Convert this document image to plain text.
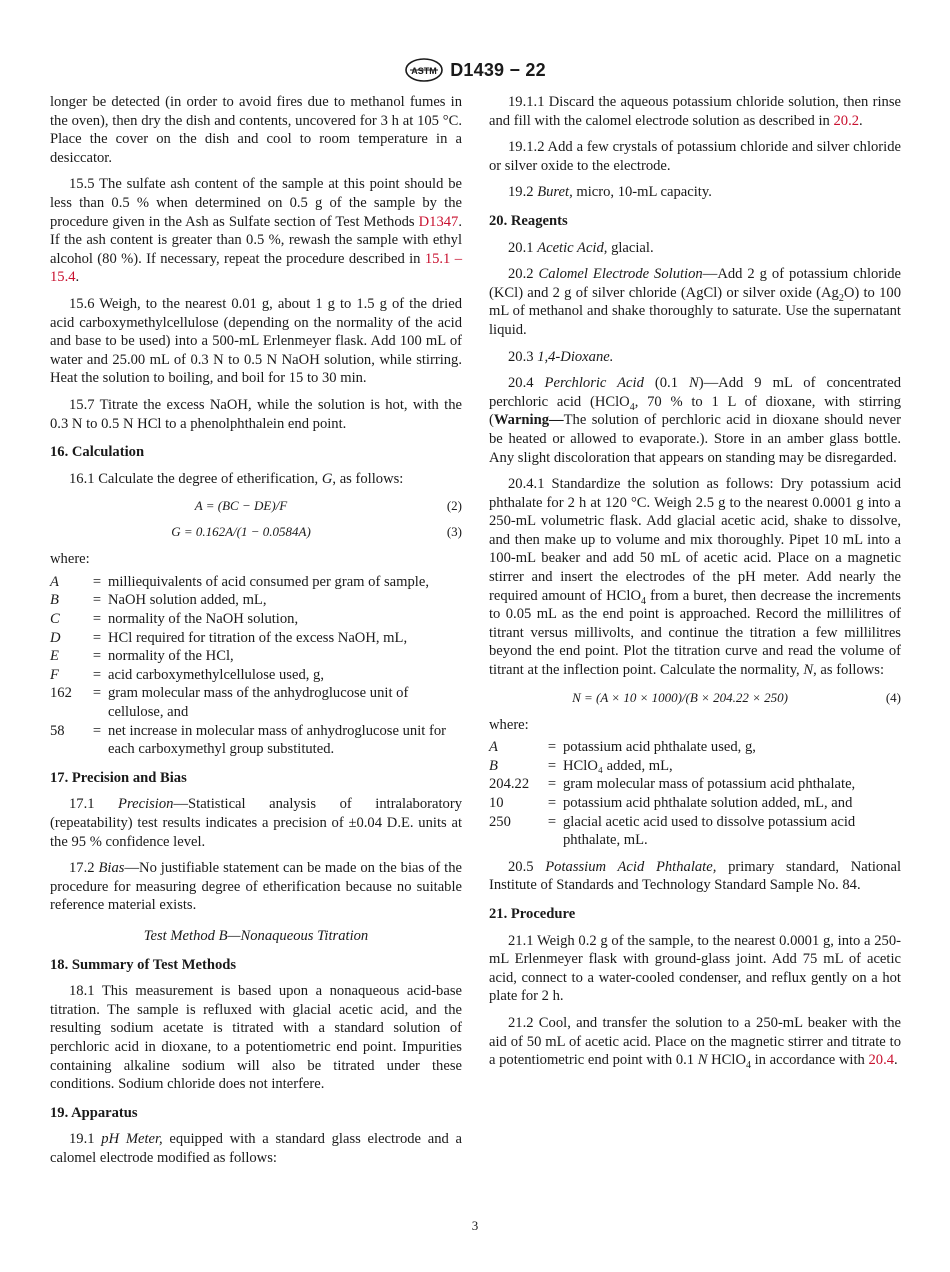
ASTM D1439 − 22

longer be detected (in order to avoid fires due to methanol fumes in the oven), then dry the dish and contents, uncovered for 3 h at 105 °C. Place the cover on the dish and cool to room temperature in a desiccator.

15.5 The sulfate ash content of the sample at this point should be less than 0.5 % when determined on 0.5 g of the sample by the procedure given in the Ash as Sulfate section of Test Methods D1347. If the ash content is greater than 0.5 %, rewash the sample with ethyl alcohol (80 %). If necessary, repeat the procedure described in 15.1 – 15.4.

15.6 Weigh, to the nearest 0.01 g, about 1 g to 1.5 g of the dried acid carboxymethylcellulose (depending on the normality of the acid and base to be used) into a 500-mL Erlenmeyer flask. Add 100 mL of water and 25.00 mL of 0.3 N to 0.5 N NaOH solution, while stirring. Heat the solution to boiling, and boil for 15 to 30 min.

15.7 Titrate the excess NaOH, while the solution is hot, with the 0.3 N to 0.5 N HCl to a phenolphthalein end point.

16. Calculation

16.1 Calculate the degree of etherification, G, as follows:

A = (BC − DE)/F	(2)
G = 0.162A/(1 − 0.0584A)	(3)
where:
A	=	milliequivalents of acid consumed per gram of sample,
B	=	NaOH solution added, mL,
C	=	normality of the NaOH solution,
D	=	HCl required for titration of the excess NaOH, mL,
E	=	normality of the HCl,
F	=	acid carboxymethylcellulose used, g,
162	=	gram molecular mass of the anhydroglucose unit of cellulose, and
58	=	net increase in molecular mass of anhydroglucose unit for each carboxymethyl group substituted.
17. Precision and Bias

17.1 Precision—Statistical analysis of intralaboratory (repeatability) test results indicates a precision of ±0.04 D.E. units at the 95 % confidence level.

17.2 Bias—No justifiable statement can be made on the bias of the procedure for measuring degree of etherification because no suitable reference material exists.

Test Method B—Nonaqueous Titration
18. Summary of Test Methods

18.1 This measurement is based upon a nonaqueous acid-base titration. The sample is refluxed with glacial acetic acid, and the resulting sodium acetate is titrated with a standard solution of perchloric acid in dioxane, to a potentiometric end point. Impurities containing alkaline sodium will also be titrated under these conditions. Sodium chloride does not interfere.

19. Apparatus

19.1 pH Meter, equipped with a standard glass electrode and a calomel electrode modified as follows:

19.1.1 Discard the aqueous potassium chloride solution, then rinse and fill with the calomel electrode solution as described in 20.2.

19.1.2 Add a few crystals of potassium chloride and silver chloride or silver oxide to the electrode.

19.2 Buret, micro, 10-mL capacity.

20. Reagents

20.1 Acetic Acid, glacial.

20.2 Calomel Electrode Solution—Add 2 g of potassium chloride (KCl) and 2 g of silver chloride (AgCl) or silver oxide $(Ag_2O)$ to 100 mL of methanol and shake thoroughly to saturate. Use the supernatant liquid.

20.3 1,4-Dioxane.

20.4 Perchloric Acid (0.1 N)—Add 9 mL of concentrated perchloric acid (HClO$_4$, 70 % to 1 L of dioxane, with stirring (Warning—The solution of perchloric acid in dioxane should never be heated or allowed to evaporate.). Store in an amber glass bottle. Any slight discoloration that appears on standing may be disregarded.

20.4.1 Standardize the solution as follows: Dry potassium acid phthalate for 2 h at 120 °C. Weigh 2.5 g to the nearest 0.0001 g into a 250-mL volumetric flask. Add glacial acetic acid, shake to dissolve, and then make up to volume and mix thoroughly. Pipet 10 mL into a 100-mL beaker and add 50 mL of acetic acid. Place on a magnetic stirrer and insert the electrodes of the pH meter. Add nearly the required amount of HClO$_4$ from a buret, then decrease the increments to 0.05 mL as the end point is approached. Record the millilitres of titrant versus millivolts, and continue the titration a few millilitres beyond the end point. Plot the titration curve and read the volume of titrant at the inflection point. Calculate the normality, N, as follows:

N = (A × 10 × 1000)/(B × 204.22 × 250)	(4)
where:
A	=	potassium acid phthalate used, g,
B	=	HClO₄ added, mL,
204.22	=	gram molecular mass of potassium acid phthalate,
10	=	potassium acid phthalate solution added, mL, and
250	=	glacial acetic acid used to dissolve potassium acid phthalate, mL.

20.5 Potassium Acid Phthalate, primary standard, National Institute of Standards and Technology Standard Sample No. 84.

21. Procedure

21.1 Weigh 0.2 g of the sample, to the nearest 0.0001 g, into a 250-mL Erlenmeyer flask with ground-glass joint. Add 75 mL of acetic acid, connect to a water-cooled condenser, and reflux gently on a hot plate for 2 h.

21.2 Cool, and transfer the solution to a 250-mL beaker with the aid of 50 mL of acetic acid. Place on the magnetic stirrer and titrate to a potentiometric end point with 0.1 N HClO$_4$ in accordance with 20.4.

3
